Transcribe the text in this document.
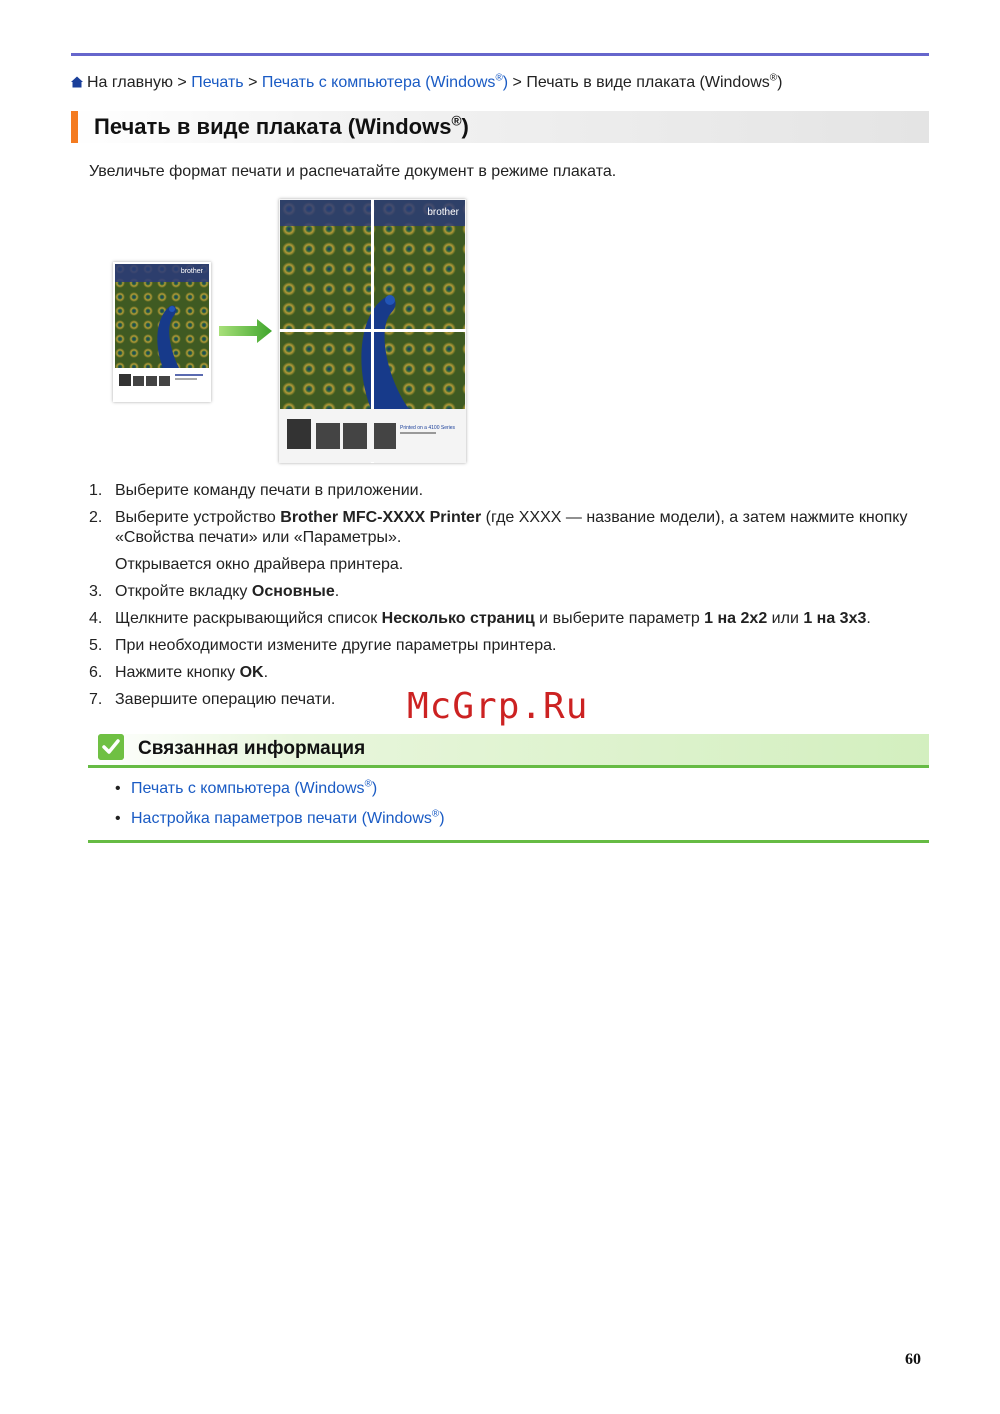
На главную > Печать > Печать с компьютера (Windows®) > Печать в виде плаката (Windows®)
Печать в виде плаката (Windows®)
Увеличьте формат печати и распечатайте документ в режиме плаката.
brother
brother
Printed on a 4100 Series
1. Выберите команду печати в приложении.
2. Выберите устройство Brother MFC-XXXX Printer (где XXXX — название модели), а затем нажмите кнопку «Свойства печати» или «Параметры».
Открывается окно драйвера принтера.
3. Откройте вкладку Основные.
4. Щелкните раскрывающийся список Несколько страниц и выберите параметр 1 на 2x2 или 1 на 3x3.
5. При необходимости измените другие параметры принтера.
6. Нажмите кнопку OK.
7. Завершите операцию печати.	McGrp.Ru
Связанная информация
• Печать с компьютера (Windows®)
• Настройка параметров печати (Windows®)
60
